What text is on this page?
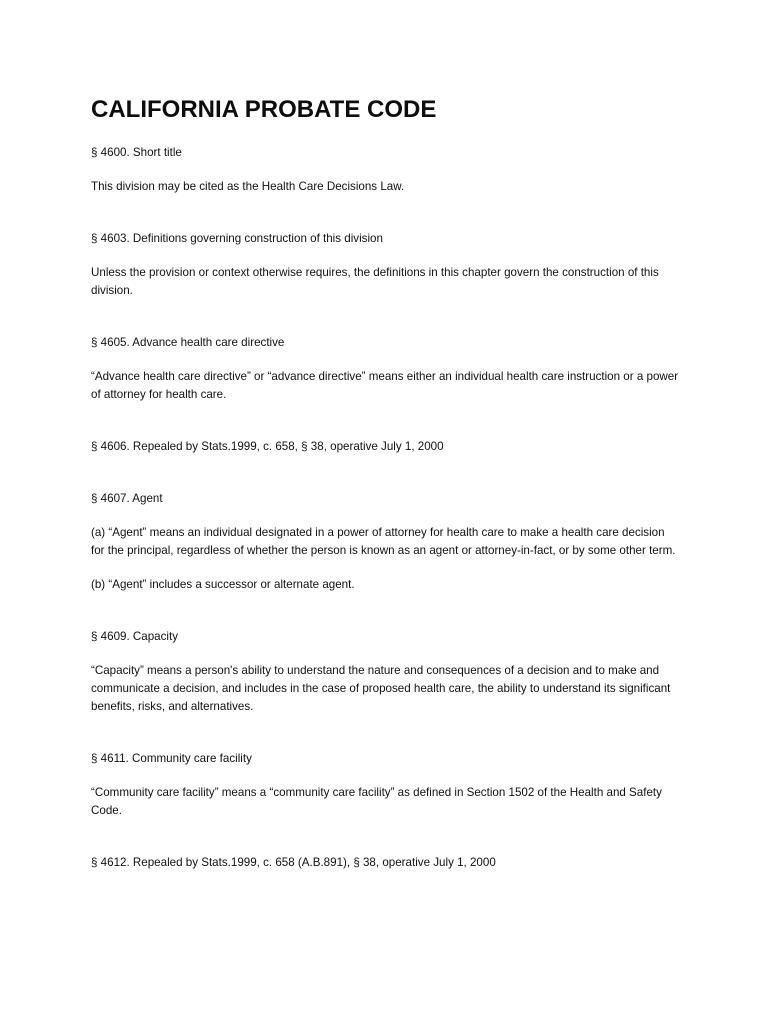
CALIFORNIA PROBATE CODE

§ 4600. Short title

This division may be cited as the Health Care Decisions Law.

§ 4603. Definitions governing construction of this division

Unless the provision or context otherwise requires, the definitions in this chapter govern the construction of this division.

§ 4605. Advance health care directive

“Advance health care directive” or “advance directive” means either an individual health care instruction or a power of attorney for health care.

§ 4606. Repealed by Stats.1999, c. 658, § 38, operative July 1, 2000

§ 4607. Agent

(a) “Agent” means an individual designated in a power of attorney for health care to make a health care decision for the principal, regardless of whether the person is known as an agent or attorney-in-fact, or by some other term.

(b) “Agent” includes a successor or alternate agent.

§ 4609. Capacity

“Capacity” means a person's ability to understand the nature and consequences of a decision and to make and communicate a decision, and includes in the case of proposed health care, the ability to understand its significant benefits, risks, and alternatives.

§ 4611. Community care facility

“Community care facility” means a “community care facility” as defined in Section 1502 of the Health and Safety Code.

§ 4612. Repealed by Stats.1999, c. 658 (A.B.891), § 38, operative July 1, 2000
